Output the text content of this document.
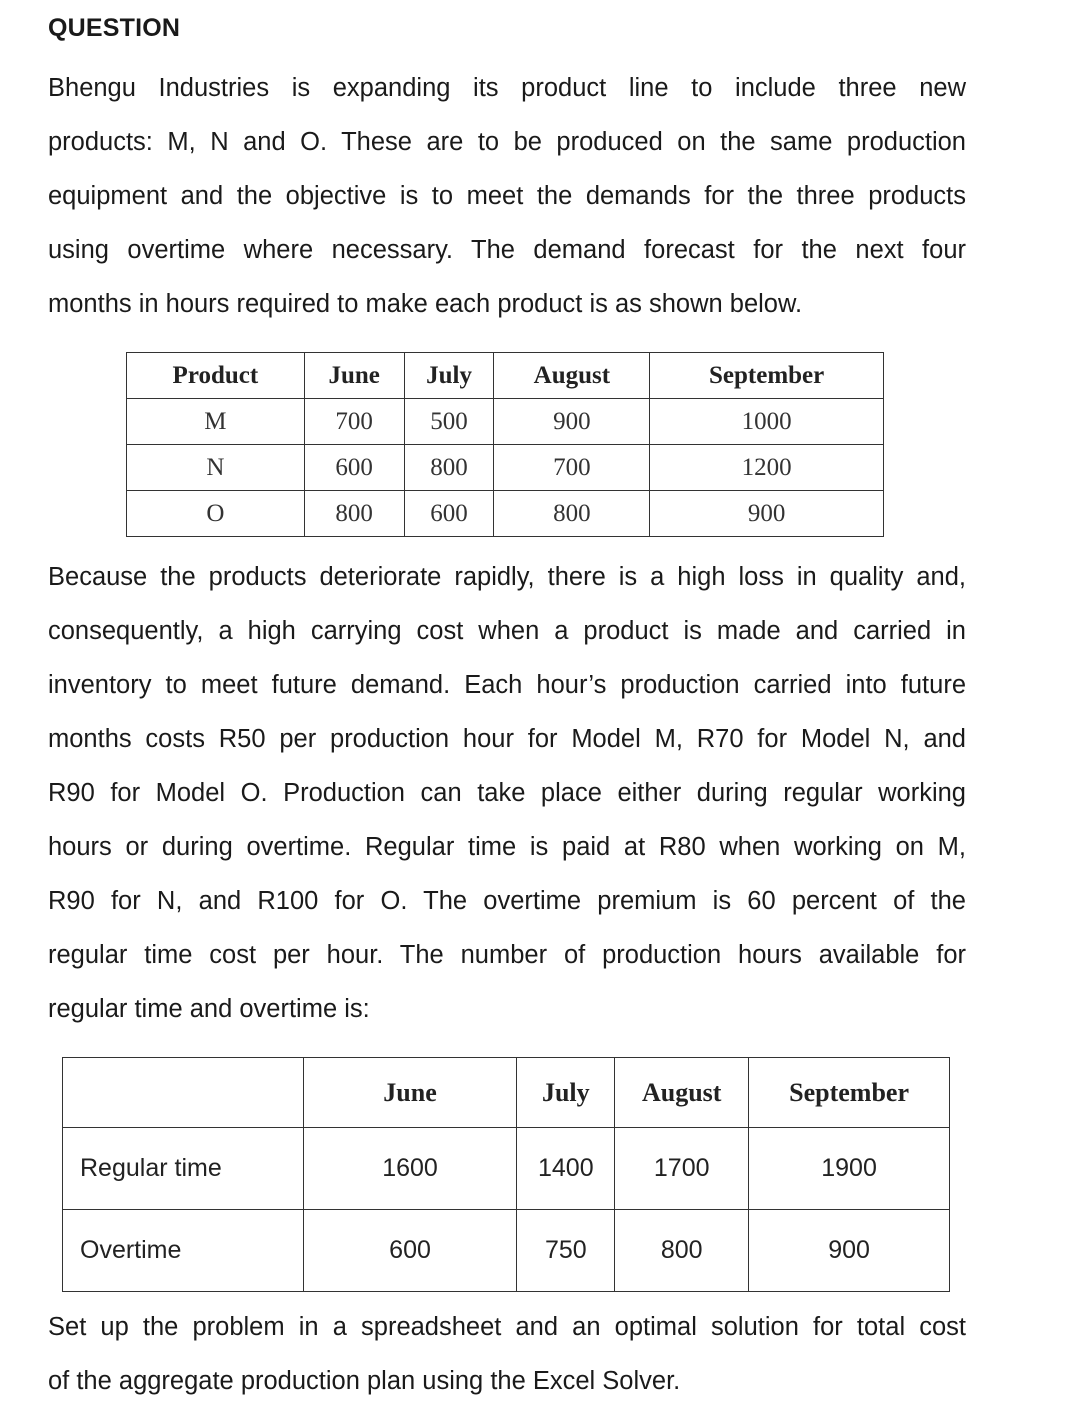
QUESTION
Bhengu Industries is expanding its product line to include three new
products: M, N and O. These are to be produced on the same production
equipment and the objective is to meet the demands for the three products
using overtime where necessary. The demand forecast for the next four
months in hours required to make each product is as shown below.
Product	June	July	August	September
M	700	500	900	1000
N	600	800	700	1200
O	800	600	800	900
Because the products deteriorate rapidly, there is a high loss in quality and,
consequently, a high carrying cost when a product is made and carried in
inventory to meet future demand. Each hour’s production carried into future
months costs R50 per production hour for Model M, R70 for Model N, and
R90 for Model O. Production can take place either during regular working
hours or during overtime. Regular time is paid at R80 when working on M,
R90 for N, and R100 for O. The overtime premium is 60 percent of the
regular time cost per hour. The number of production hours available for
regular time and overtime is:
	June	July	August	September
Regular time	1600	1400	1700	1900
Overtime	600	750	800	900
Set up the problem in a spreadsheet and an optimal solution for total cost
of the aggregate production plan using the Excel Solver.
